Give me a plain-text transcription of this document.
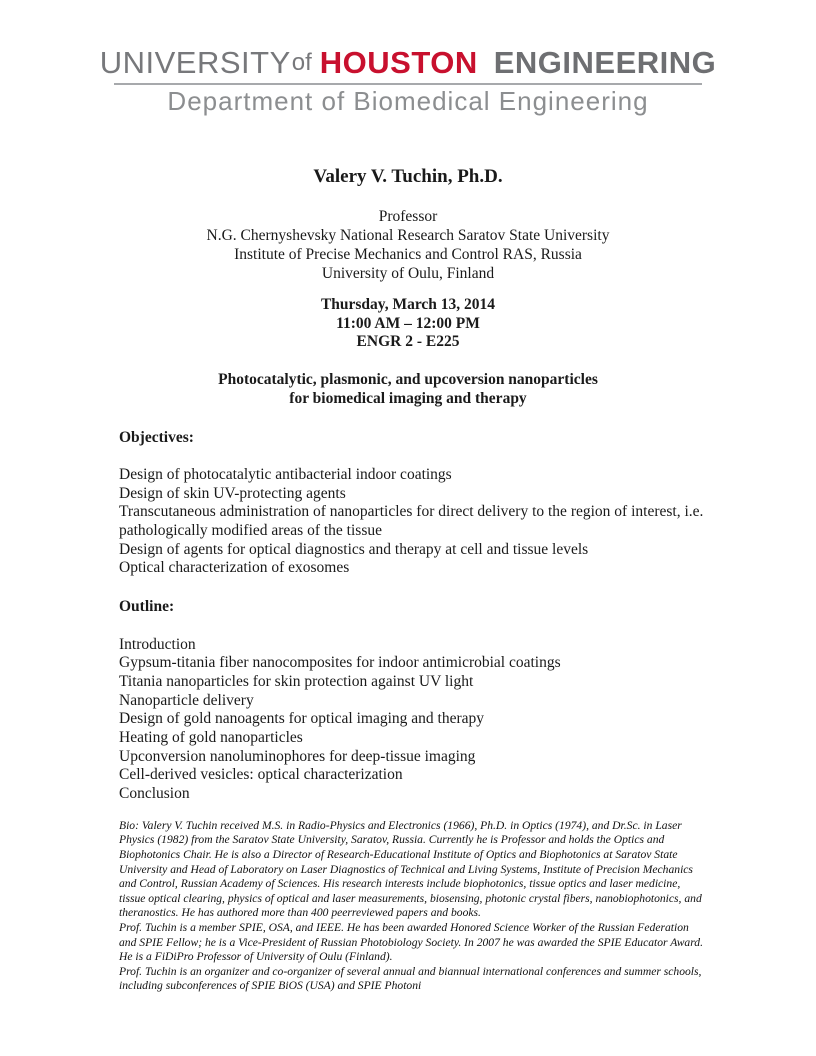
UNIVERSITY of HOUSTON ENGINEERING
Department of Biomedical Engineering
Valery V. Tuchin, Ph.D.
Professor
N.G. Chernyshevsky National Research Saratov State University
Institute of Precise Mechanics and Control RAS, Russia
University of Oulu, Finland
Thursday, March 13, 2014
11:00 AM – 12:00 PM
ENGR 2 - E225
Photocatalytic, plasmonic, and upcoversion nanoparticles
for biomedical imaging and therapy
Objectives:
Design of photocatalytic antibacterial indoor coatings
Design of skin UV-protecting agents
Transcutaneous administration of nanoparticles for direct delivery to the region of interest, i.e. pathologically modified areas of the tissue
Design of agents for optical diagnostics and therapy at cell and tissue levels
Optical characterization of exosomes
Outline:
Introduction
Gypsum-titania fiber nanocomposites for indoor antimicrobial coatings
Titania nanoparticles for skin protection against UV light
Nanoparticle delivery
Design of gold nanoagents for optical imaging and therapy
Heating of gold nanoparticles
Upconversion nanoluminophores for deep-tissue imaging
Cell-derived vesicles: optical characterization
Conclusion

Bio: Valery V. Tuchin received M.S. in Radio-Physics and Electronics (1966), Ph.D. in Optics (1974), and Dr.Sc. in Laser Physics (1982) from the Saratov State University, Saratov, Russia. Currently he is Professor and holds the Optics and Biophotonics Chair. He is also a Director of Research-Educational Institute of Optics and Biophotonics at Saratov State University and Head of Laboratory on Laser Diagnostics of Technical and Living Systems, Institute of Precision Mechanics and Control, Russian Academy of Sciences. His research interests include biophotonics, tissue optics and laser medicine, tissue optical clearing, physics of optical and laser measurements, biosensing, photonic crystal fibers, nanobiophotonics, and theranostics. He has authored more than 400 peerreviewed papers and books.

Prof. Tuchin is a member SPIE, OSA, and IEEE. He has been awarded Honored Science Worker of the Russian Federation and SPIE Fellow; he is a Vice-President of Russian Photobiology Society. In 2007 he was awarded the SPIE Educator Award. He is a FiDiPro Professor of University of Oulu (Finland).

Prof. Tuchin is an organizer and co-organizer of several annual and biannual international conferences and summer schools, including subconferences of SPIE BiOS (USA) and SPIE Photoni
